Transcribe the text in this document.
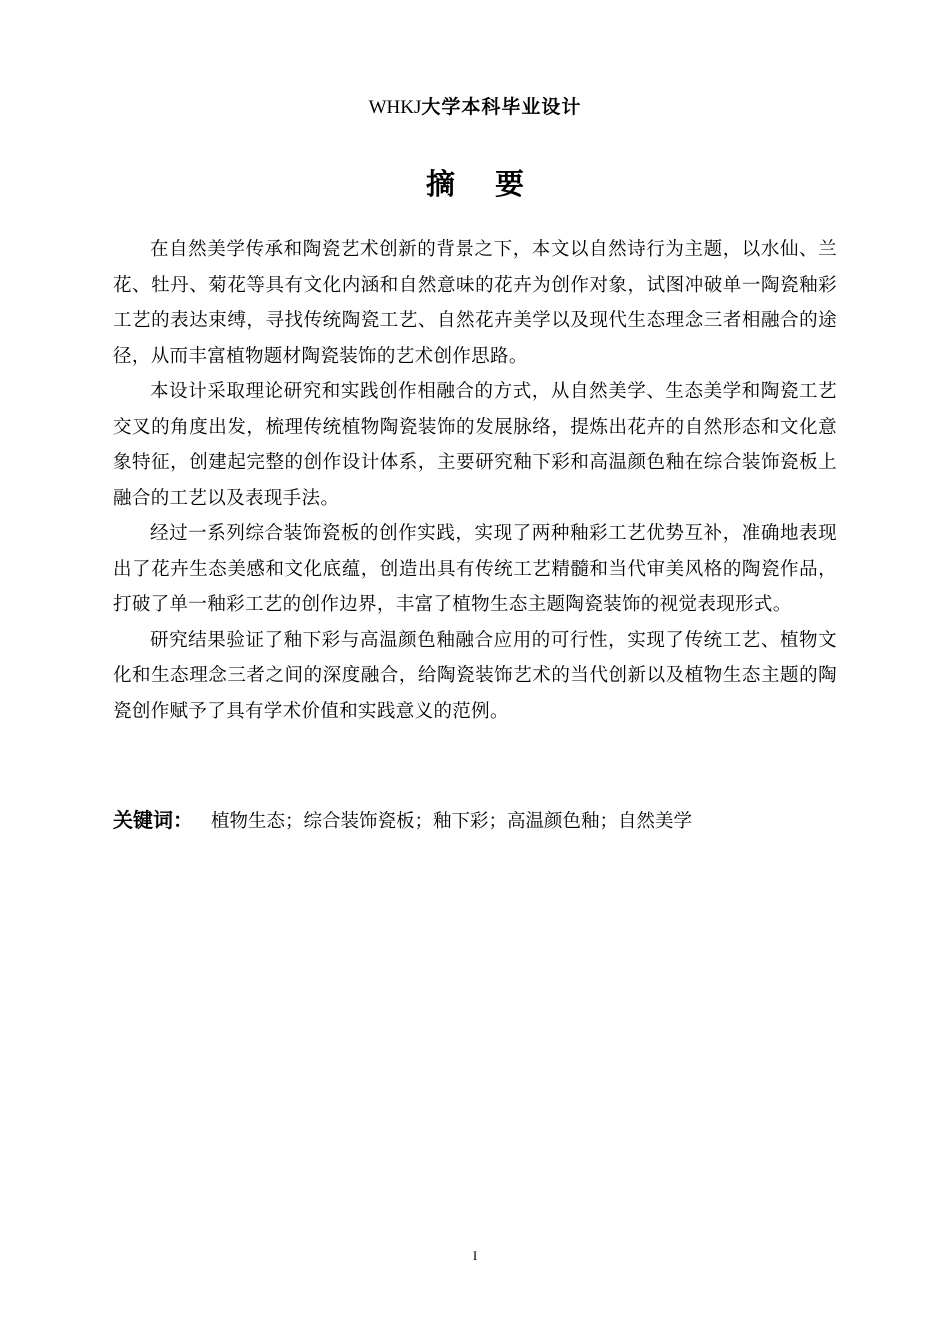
WHKJ大学本科毕业设计
摘要

在自然美学传承和陶瓷艺术创新的背景之下，本文以自然诗行为主题，以水仙、兰花、牡丹、菊花等具有文化内涵和自然意味的花卉为创作对象，试图冲破单一陶瓷釉彩工艺的表达束缚，寻找传统陶瓷工艺、自然花卉美学以及现代生态理念三者相融合的途径，从而丰富植物题材陶瓷装饰的艺术创作思路。

本设计采取理论研究和实践创作相融合的方式，从自然美学、生态美学和陶瓷工艺交叉的角度出发，梳理传统植物陶瓷装饰的发展脉络，提炼出花卉的自然形态和文化意象特征，创建起完整的创作设计体系，主要研究釉下彩和高温颜色釉在综合装饰瓷板上融合的工艺以及表现手法。

经过一系列综合装饰瓷板的创作实践，实现了两种釉彩工艺优势互补，准确地表现出了花卉生态美感和文化底蕴，创造出具有传统工艺精髓和当代审美风格的陶瓷作品，打破了单一釉彩工艺的创作边界，丰富了植物生态主题陶瓷装饰的视觉表现形式。

研究结果验证了釉下彩与高温颜色釉融合应用的可行性，实现了传统工艺、植物文化和生态理念三者之间的深度融合，给陶瓷装饰艺术的当代创新以及植物生态主题的陶瓷创作赋予了具有学术价值和实践意义的范例。

关键词： 植物生态；综合装饰瓷板；釉下彩；高温颜色釉；自然美学
I
